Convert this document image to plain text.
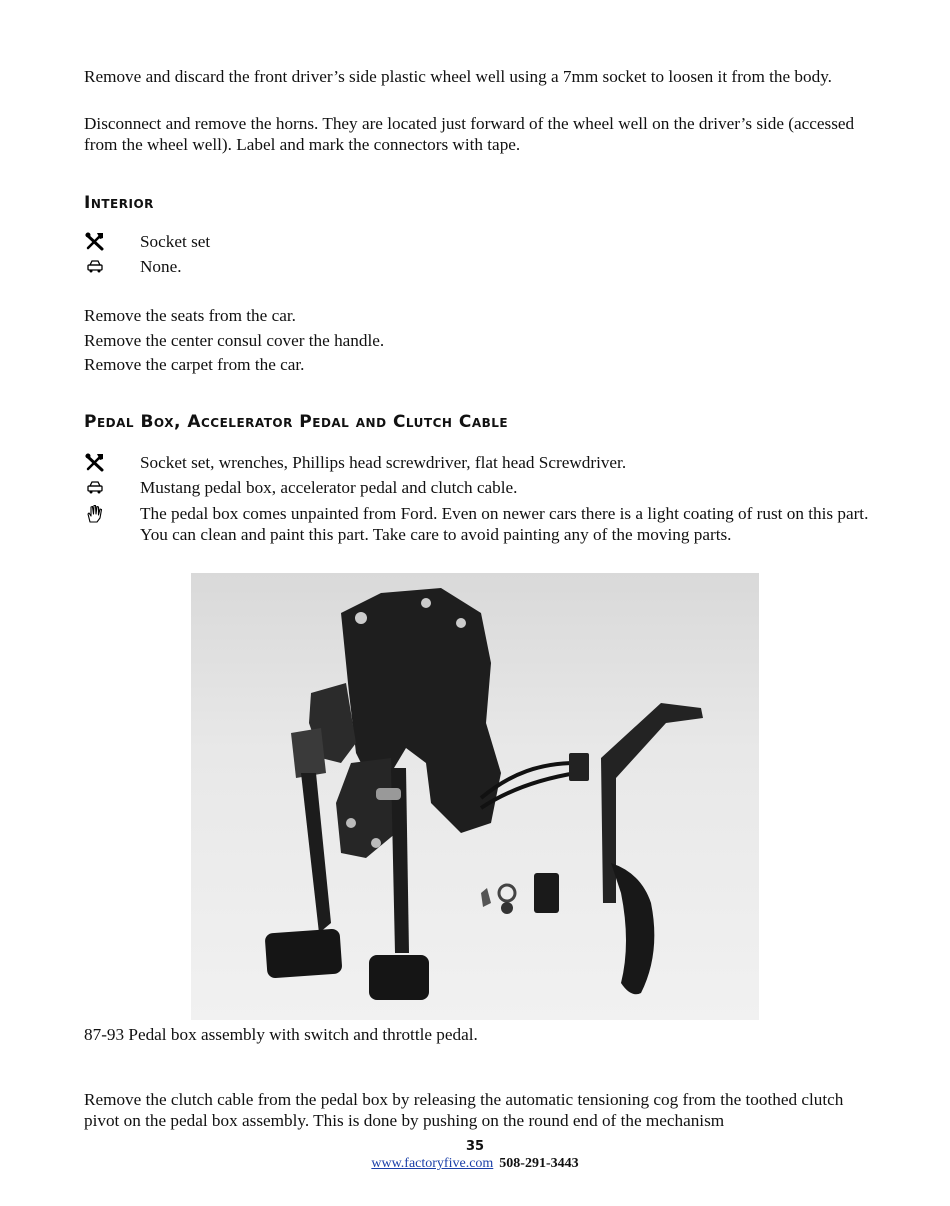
Remove and discard the front driver’s side plastic wheel well using a 7mm socket to loosen it from the body.

Disconnect and remove the horns. They are located just forward of the wheel well on the driver’s side (accessed from the wheel well). Label and mark the connectors with tape.

Interior
Socket set
None.

Remove the seats from the car.

Remove the center consul cover the handle.

Remove the carpet from the car.

Pedal Box, Accelerator Pedal and Clutch Cable
Socket set, wrenches, Phillips head screwdriver, flat head Screwdriver.
Mustang pedal box, accelerator pedal and clutch cable.
The pedal box comes unpainted from Ford. Even on newer cars there is a light coating of rust on this part. You can clean and paint this part. Take care to avoid painting any of the moving parts.

87-93 Pedal box assembly with switch and throttle pedal.

Remove the clutch cable from the pedal box by releasing the automatic tensioning cog from the toothed clutch pivot on the pedal box assembly. This is done by pushing on the round end of the mechanism

35
www.factoryfive.com 508-291-3443
